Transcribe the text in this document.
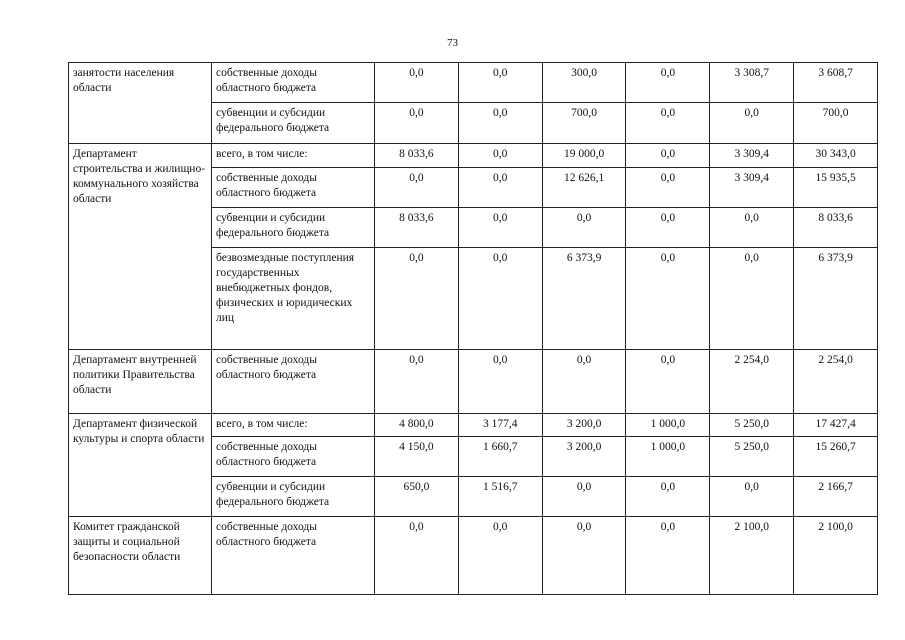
73
занятости населения области	собственные доходы областного бюджета	0,0	0,0	300,0	0,0	3 308,7	3 608,7
	субвенции и субсидии федерального бюджета	0,0	0,0	700,0	0,0	0,0	700,0
Департамент строительства и жилищно-коммунального хозяйства области	всего, в том числе:	8 033,6	0,0	19 000,0	0,0	3 309,4	30 343,0
	собственные доходы областного бюджета	0,0	0,0	12 626,1	0,0	3 309,4	15 935,5
	субвенции и субсидии федерального бюджета	8 033,6	0,0	0,0	0,0	0,0	8 033,6
	безвозмездные поступления государственных внебюджетных фондов, физических и юридических лиц	0,0	0,0	6 373,9	0,0	0,0	6 373,9
Департамент внутренней политики Правительства области	собственные доходы областного бюджета	0,0	0,0	0,0	0,0	2 254,0	2 254,0
Департамент физической культуры и спорта области	всего, в том числе:	4 800,0	3 177,4	3 200,0	1 000,0	5 250,0	17 427,4
	собственные доходы областного бюджета	4 150,0	1 660,7	3 200,0	1 000,0	5 250,0	15 260,7
	субвенции и субсидии федерального бюджета	650,0	1 516,7	0,0	0,0	0,0	2 166,7
Комитет гражданской защиты и социальной безопасности области	собственные доходы областного бюджета	0,0	0,0	0,0	0,0	2 100,0	2 100,0
